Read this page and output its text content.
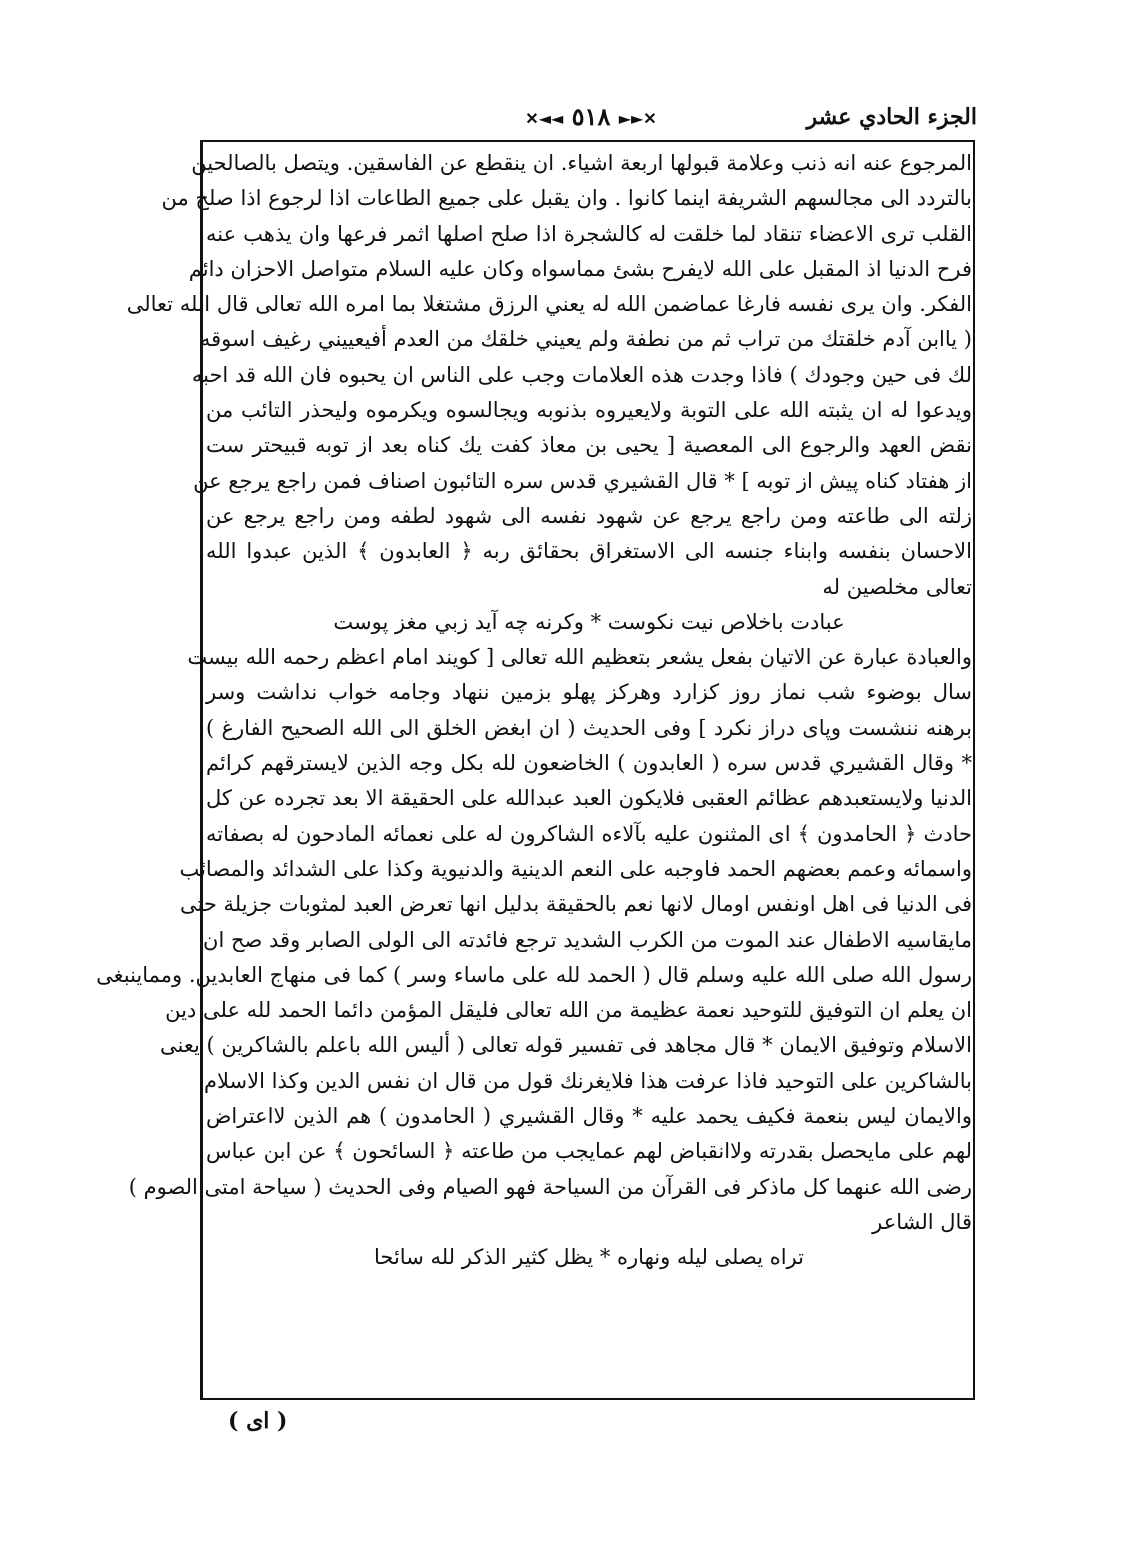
الجزء الحادي عشر
✕►► ٥١٨ ◄◄✕
المرجوع عنه انه ذنب وعلامة قبولها اربعة اشياء. ان ينقطع عن الفاسقين. ويتصل بالصالحين
بالتردد الى مجالسهم الشريفة اينما كانوا . وان يقبل على جميع الطاعات اذا لرجوع اذا صلح من
القلب ترى الاعضاء تنقاد لما خلقت له كالشجرة اذا صلح اصلها اثمر فرعها وان يذهب عنه
فرح الدنيا اذ المقبل على الله لايفرح بشئ مماسواه وكان عليه السلام متواصل الاحزان دائم
الفكر. وان يرى نفسه فارغا عماضمن الله له يعني الرزق مشتغلا بما امره الله تعالى قال الله تعالى
( ياابن آدم خلقتك من تراب ثم من نطفة ولم يعيني خلقك من العدم أفيعييني رغيف اسوقه
لك فى حين وجودك ) فاذا وجدت هذه العلامات وجب على الناس ان يحبوه فان الله قد احبه
ويدعوا له ان يثبته الله على التوبة ولايعيروه بذنوبه ويجالسوه ويكرموه وليحذر التائب من
نقض العهد والرجوع الى المعصية [ يحيى بن معاذ كفت يك كناه بعد از توبه قبيحتر ست
از هفتاد كناه پيش از توبه ] * قال القشيري قدس سره التائبون اصناف فمن راجع يرجع عن
زلته الى طاعته ومن راجع يرجع عن شهود نفسه الى شهود لطفه ومن راجع يرجع عن
الاحسان بنفسه وابناء جنسه الى الاستغراق بحقائق ربه ﴿ العابدون ﴾ الذين عبدوا الله
تعالى مخلصين له
عبادت باخلاص نيت نكوست * وكرنه چه آيد زبي مغز پوست
والعبادة عبارة عن الاتيان بفعل يشعر بتعظيم الله تعالى [ كويند امام اعظم رحمه الله بيست
سال بوضوء شب نماز روز كزارد وهركز پهلو بزمين ننهاد وجامه خواب نداشت وسر
برهنه ننشست وپاى دراز نكرد ] وفى الحديث ( ان ابغض الخلق الى الله الصحيح الفارغ )
* وقال القشيري قدس سره ( العابدون ) الخاضعون لله بكل وجه الذين لايسترقهم كرائم
الدنيا ولايستعبدهم عظائم العقبى فلايكون العبد عبدالله على الحقيقة الا بعد تجرده عن كل
حادث ﴿ الحامدون ﴾ اى المثنون عليه بآلاءه الشاكرون له على نعمائه المادحون له بصفاته
واسمائه وعمم بعضهم الحمد فاوجبه على النعم الدينية والدنيوية وكذا على الشدائد والمصائب
فى الدنيا فى اهل اونفس اومال لانها نعم بالحقيقة بدليل انها تعرض العبد لمثوبات جزيلة حتى
مايقاسيه الاطفال عند الموت من الكرب الشديد ترجع فائدته الى الولى الصابر وقد صح ان
رسول الله صلى الله عليه وسلم قال ( الحمد لله على ماساء وسر ) كما فى منهاج العابدين. ومماينبغى
ان يعلم ان التوفيق للتوحيد نعمة عظيمة من الله تعالى فليقل المؤمن دائما الحمد لله على دين
الاسلام وتوفيق الايمان * قال مجاهد فى تفسير قوله تعالى ( أليس الله باعلم بالشاكرين ) يعنى
بالشاكرين على التوحيد فاذا عرفت هذا فلايغرنك قول من قال ان نفس الدين وكذا الاسلام
والايمان ليس بنعمة فكيف يحمد عليه * وقال القشيري ( الحامدون ) هم الذين لااعتراض
لهم على مايحصل بقدرته ولاانقباض لهم عمايجب من طاعته ﴿ السائحون ﴾ عن ابن عباس
رضى الله عنهما كل ماذكر فى القرآن من السياحة فهو الصيام وفى الحديث ( سياحة امتى الصوم )
قال الشاعر
تراه يصلى ليله ونهاره * يظل كثير الذكر لله سائحا
( اى )
